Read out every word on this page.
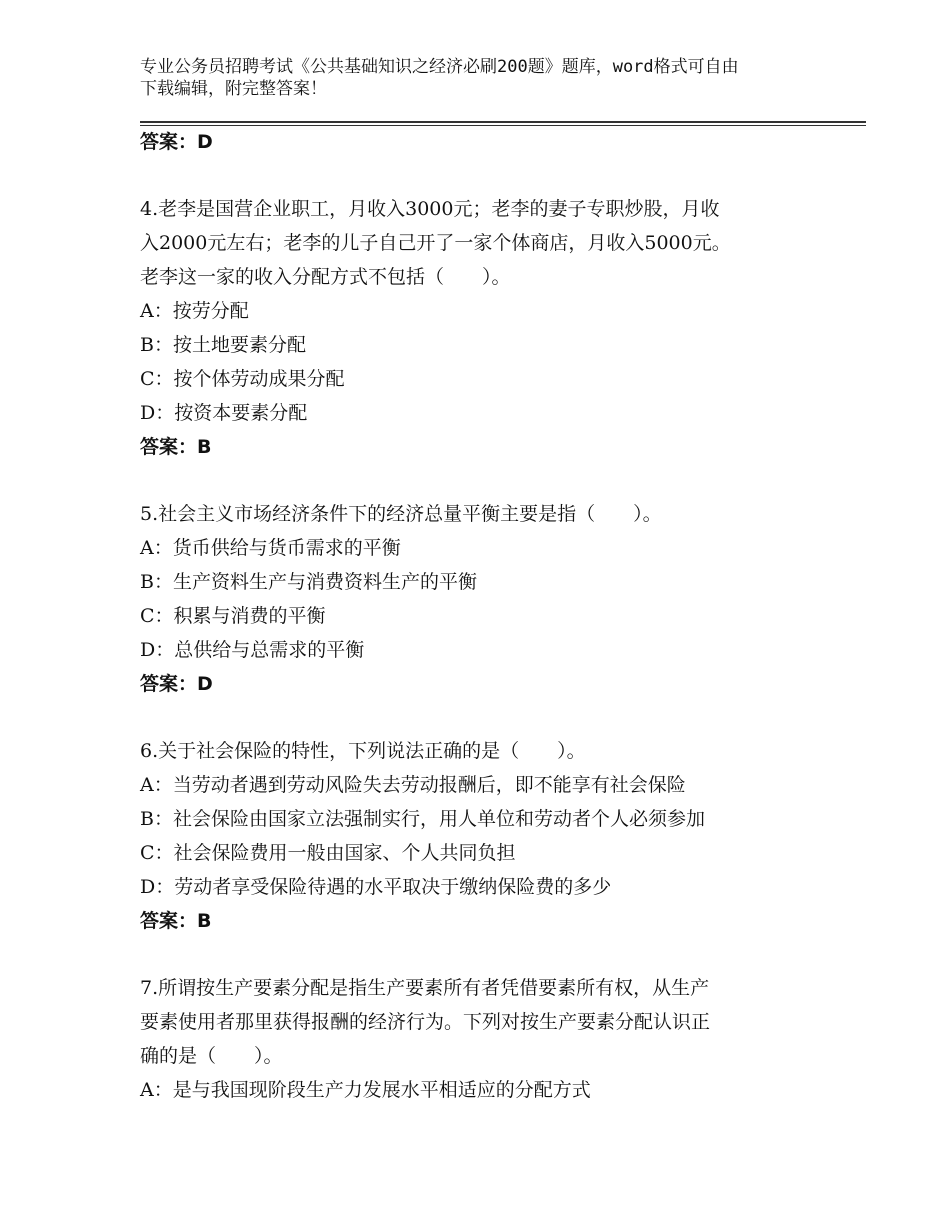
专业公务员招聘考试《公共基础知识之经济必刷200题》题库，word格式可自由
下载编辑，附完整答案！
答案：D
4.老李是国营企业职工，月收入3000元；老李的妻子专职炒股，月收
入2000元左右；老李的儿子自己开了一家个体商店，月收入5000元。
老李这一家的收入分配方式不包括（　　）。
A：按劳分配
B：按土地要素分配
C：按个体劳动成果分配
D：按资本要素分配
答案：B
5.社会主义市场经济条件下的经济总量平衡主要是指（　　）。
A：货币供给与货币需求的平衡
B：生产资料生产与消费资料生产的平衡
C：积累与消费的平衡
D：总供给与总需求的平衡
答案：D
6.关于社会保险的特性，下列说法正确的是（　　）。
A：当劳动者遇到劳动风险失去劳动报酬后，即不能享有社会保险
B：社会保险由国家立法强制实行，用人单位和劳动者个人必须参加
C：社会保险费用一般由国家、个人共同负担
D：劳动者享受保险待遇的水平取决于缴纳保险费的多少
答案：B
7.所谓按生产要素分配是指生产要素所有者凭借要素所有权，从生产
要素使用者那里获得报酬的经济行为。下列对按生产要素分配认识正
确的是（　　）。
A：是与我国现阶段生产力发展水平相适应的分配方式
